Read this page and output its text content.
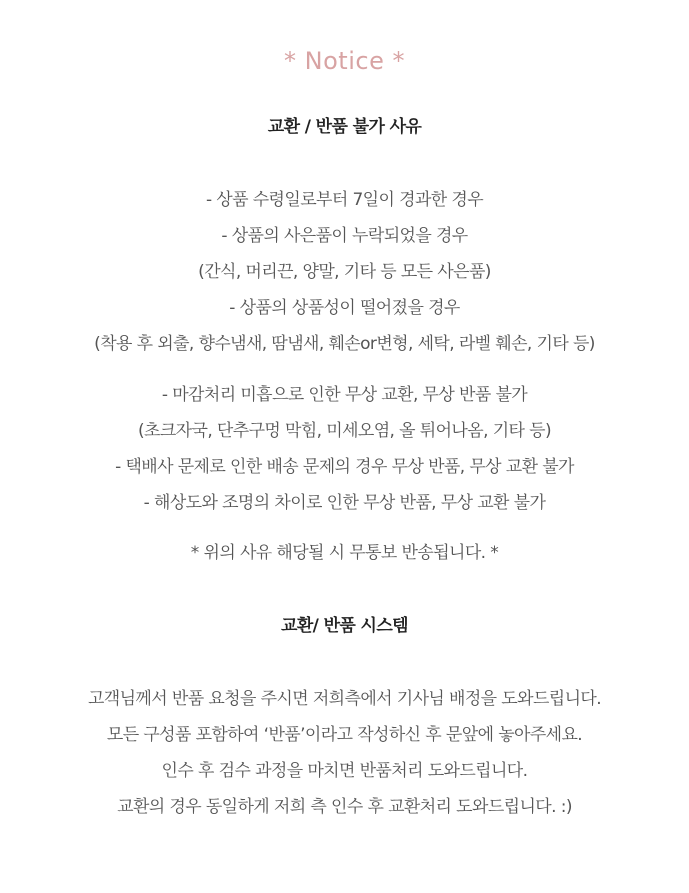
* Notice *
교환 / 반품 불가 사유
- 상품 수령일로부터 7일이 경과한 경우
- 상품의 사은품이 누락되었을 경우
(간식, 머리끈, 양말, 기타 등 모든 사은품)
- 상품의 상품성이 떨어졌을 경우
(착용 후 외출, 향수냄새, 땀냄새, 훼손or변형, 세탁, 라벨 훼손, 기타 등)
- 마감처리 미흡으로 인한 무상 교환, 무상 반품 불가
(초크자국, 단추구멍 막힘, 미세오염, 올 튀어나옴, 기타 등)
- 택배사 문제로 인한 배송 문제의 경우 무상 반품, 무상 교환 불가
- 해상도와 조명의 차이로 인한 무상 반품, 무상 교환 불가
* 위의 사유 해당될 시 무통보 반송됩니다. *
교환/ 반품 시스템
고객님께서 반품 요청을 주시면 저희측에서 기사님 배정을 도와드립니다.
모든 구성품 포함하여 ‘반품’이라고 작성하신 후 문앞에 놓아주세요.
인수 후 검수 과정을 마치면 반품처리 도와드립니다.
교환의 경우 동일하게 저희 측 인수 후 교환처리 도와드립니다. :)
